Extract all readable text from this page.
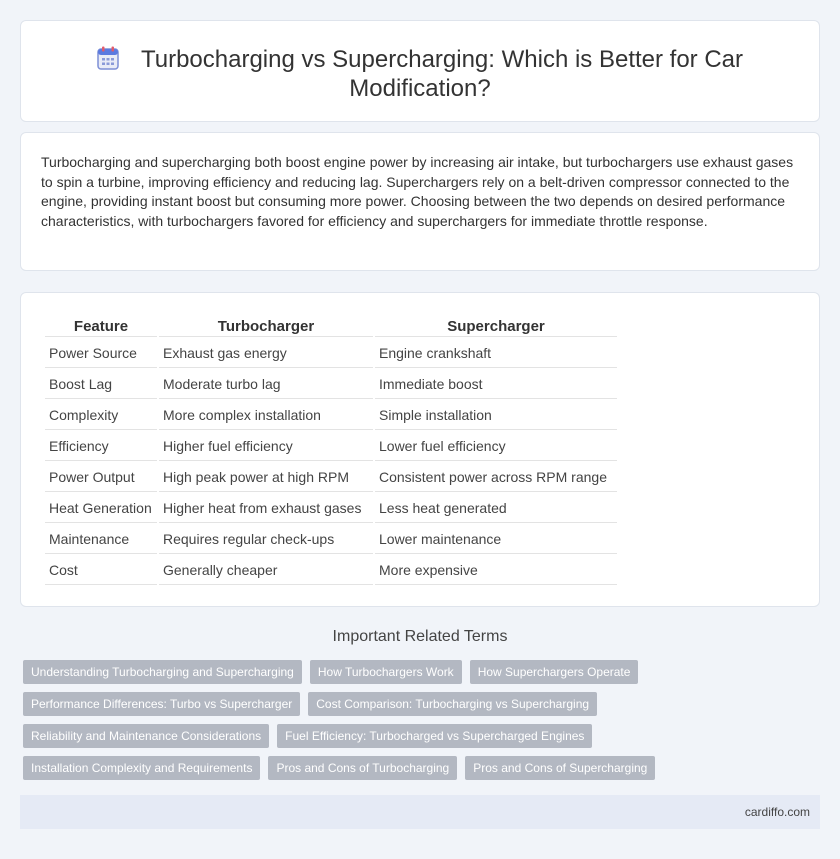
Turbocharging vs Supercharging: Which is Better for Car Modification?

Turbocharging and supercharging both boost engine power by increasing air intake, but turbochargers use exhaust gases to spin a turbine, improving efficiency and reducing lag. Superchargers rely on a belt-driven compressor connected to the engine, providing instant boost but consuming more power. Choosing between the two depends on desired performance characteristics, with turbochargers favored for efficiency and superchargers for immediate throttle response.

Feature	Turbocharger	Supercharger
Power Source	Exhaust gas energy	Engine crankshaft
Boost Lag	Moderate turbo lag	Immediate boost
Complexity	More complex installation	Simple installation
Efficiency	Higher fuel efficiency	Lower fuel efficiency
Power Output	High peak power at high RPM	Consistent power across RPM range
Heat Generation	Higher heat from exhaust gases	Less heat generated
Maintenance	Requires regular check-ups	Lower maintenance
Cost	Generally cheaper	More expensive
Important Related Terms
Understanding Turbocharging and Supercharging	How Turbochargers Work	How Superchargers Operate
Performance Differences: Turbo vs Supercharger	Cost Comparison: Turbocharging vs Supercharging
Reliability and Maintenance Considerations	Fuel Efficiency: Turbocharged vs Supercharged Engines
Installation Complexity and Requirements	Pros and Cons of Turbocharging	Pros and Cons of Supercharging
cardiffo.com
